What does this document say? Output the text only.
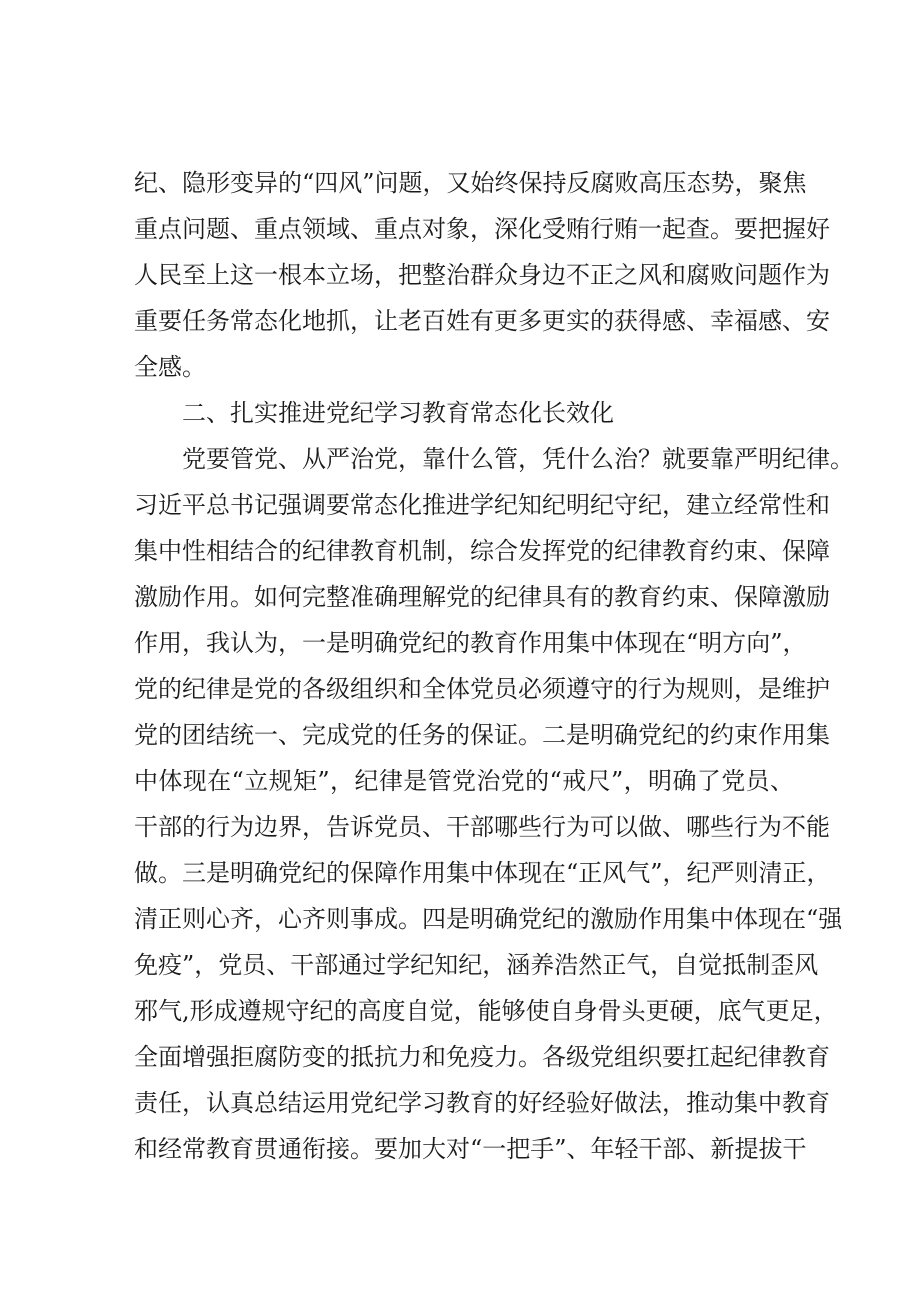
纪、隐形变异的“四风”问题，又始终保持反腐败高压态势，聚焦
重点问题、重点领域、重点对象，深化受贿行贿一起查。要把握好
人民至上这一根本立场，把整治群众身边不正之风和腐败问题作为
重要任务常态化地抓，让老百姓有更多更实的获得感、幸福感、安
全感。
二、扎实推进党纪学习教育常态化长效化
党要管党、从严治党，靠什么管，凭什么治？就要靠严明纪律。
习近平总书记强调要常态化推进学纪知纪明纪守纪，建立经常性和
集中性相结合的纪律教育机制，综合发挥党的纪律教育约束、保障
激励作用。如何完整准确理解党的纪律具有的教育约束、保障激励
作用，我认为，一是明确党纪的教育作用集中体现在“明方向”，
党的纪律是党的各级组织和全体党员必须遵守的行为规则，是维护
党的团结统一、完成党的任务的保证。二是明确党纪的约束作用集
中体现在“立规矩”，纪律是管党治党的“戒尺”，明确了党员、
干部的行为边界，告诉党员、干部哪些行为可以做、哪些行为不能
做。三是明确党纪的保障作用集中体现在“正风气”，纪严则清正，
清正则心齐，心齐则事成。四是明确党纪的激励作用集中体现在“强
免疫”，党员、干部通过学纪知纪，涵养浩然正气，自觉抵制歪风
邪气,形成遵规守纪的高度自觉，能够使自身骨头更硬，底气更足，
全面增强拒腐防变的抵抗力和免疫力。各级党组织要扛起纪律教育
责任，认真总结运用党纪学习教育的好经验好做法，推动集中教育
和经常教育贯通衔接。要加大对“一把手”、年轻干部、新提拔干
